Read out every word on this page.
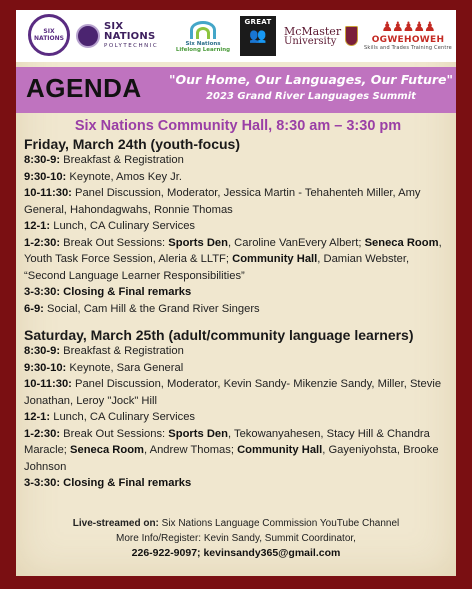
SIX NATIONS
SIX NATIONS
POLYTECHNIC	Six Nations
Lifelong Learning
GREAT
👥 McMaster
University
♟♟♟♟♟
OGWEHOWEH
Skills and Trades Training Centre
AGENDA "Our Home, Our Languages, Our Future"
2023 Grand River Languages Summit
Six Nations Community Hall, 8:30 am – 3:30 pm
Friday, March 24th (youth-focus)
8:30-9: Breakfast & Registration
9:30-10: Keynote, Amos Key Jr.
10-11:30: Panel Discussion, Moderator, Jessica Martin - Tehahenteh Miller, Amy General, Hahondagwahs, Ronnie Thomas
12-1: Lunch, CA Culinary Services
1-2:30: Break Out Sessions: Sports Den, Caroline VanEvery Albert; Seneca Room, Youth Task Force Session, Aleria & LLTF; Community Hall, Damian Webster, “Second Language Learner Responsibilities”
3-3:30: Closing & Final remarks
6-9: Social, Cam Hill & the Grand River Singers
Saturday, March 25th (adult/community language learners)
8:30-9: Breakfast & Registration
9:30-10: Keynote, Sara General
10-11:30: Panel Discussion, Moderator, Kevin Sandy- Mikenzie Sandy, Miller, Stevie Jonathan, Leroy "Jock" Hill
12-1: Lunch, CA Culinary Services
1-2:30: Break Out Sessions: Sports Den, Tekowanyahesen, Stacy Hill & Chandra Maracle; Seneca Room, Andrew Thomas; Community Hall, Gayeniyohsta, Brooke Johnson
3-3:30: Closing & Final remarks
Live-streamed on: Six Nations Language Commission YouTube Channel
More Info/Register: Kevin Sandy, Summit Coordinator,
226-922-9097; kevinsandy365@gmail.com
